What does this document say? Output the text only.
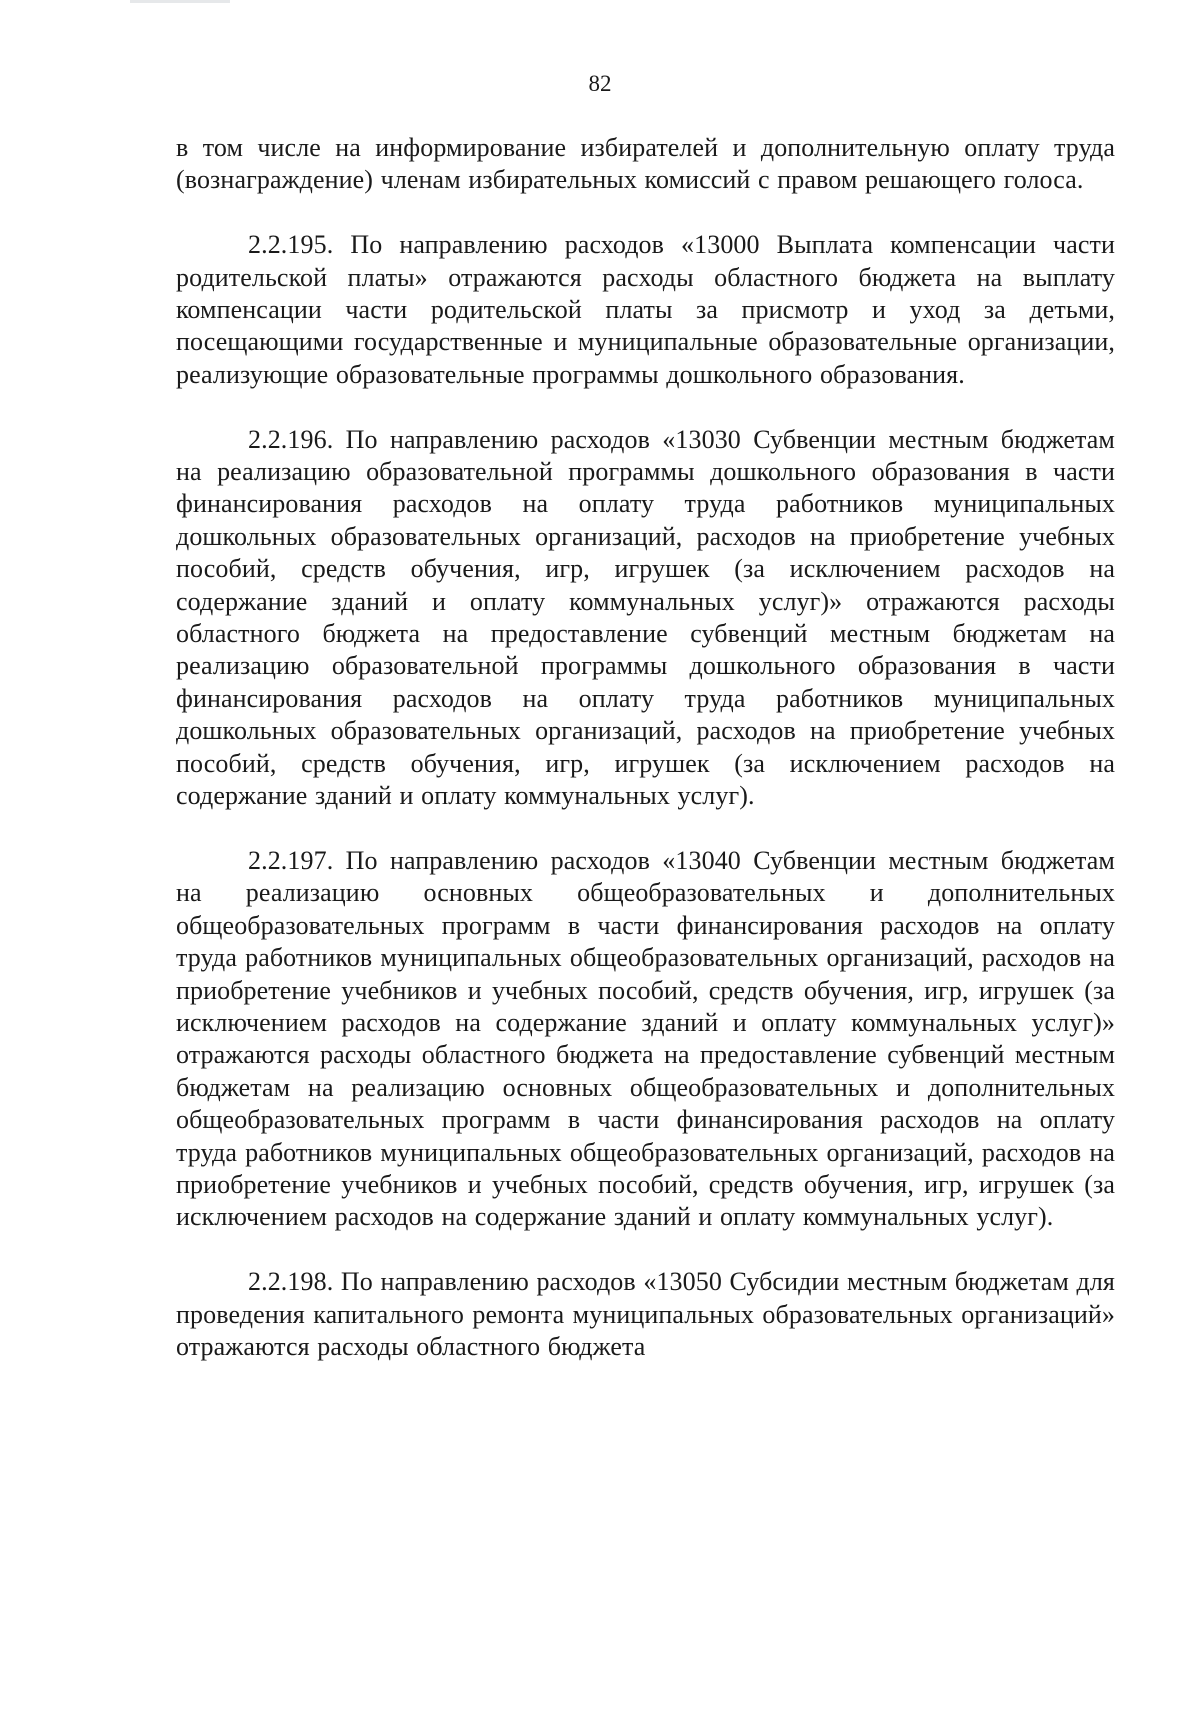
82

в том числе на информирование избирателей и дополнительную оплату труда (вознаграждение) членам избирательных комиссий с правом решающего голоса.

2.2.195. По направлению расходов «13000 Выплата компенсации части родительской платы» отражаются расходы областного бюджета на выплату компенсации части родительской платы за присмотр и уход за детьми, посещающими государственные и муниципальные образовательные организации, реализующие образовательные программы дошкольного образования.

2.2.196. По направлению расходов «13030 Субвенции местным бюджетам на реализацию образовательной программы дошкольного образования в части финансирования расходов на оплату труда работников муниципальных дошкольных образовательных организаций, расходов на приобретение учебных пособий, средств обучения, игр, игрушек (за исключением расходов на содержание зданий и оплату коммунальных услуг)» отражаются расходы областного бюджета на предоставление субвенций местным бюджетам на реализацию образовательной программы дошкольного образования в части финансирования расходов на оплату труда работников муниципальных дошкольных образовательных организаций, расходов на приобретение учебных пособий, средств обучения, игр, игрушек (за исключением расходов на содержание зданий и оплату коммунальных услуг).

2.2.197. По направлению расходов «13040 Субвенции местным бюджетам на реализацию основных общеобразовательных и дополнительных общеобразовательных программ в части финансирования расходов на оплату труда работников муниципальных общеобразовательных организаций, расходов на приобретение учебников и учебных пособий, средств обучения, игр, игрушек (за исключением расходов на содержание зданий и оплату коммунальных услуг)» отражаются расходы областного бюджета на предоставление субвенций местным бюджетам на реализацию основных общеобразовательных и дополнительных общеобразовательных программ в части финансирования расходов на оплату труда работников муниципальных общеобразовательных организаций, расходов на приобретение учебников и учебных пособий, средств обучения, игр, игрушек (за исключением расходов на содержание зданий и оплату коммунальных услуг).

2.2.198. По направлению расходов «13050 Субсидии местным бюджетам для проведения капитального ремонта муниципальных образовательных организаций» отражаются расходы областного бюджета
